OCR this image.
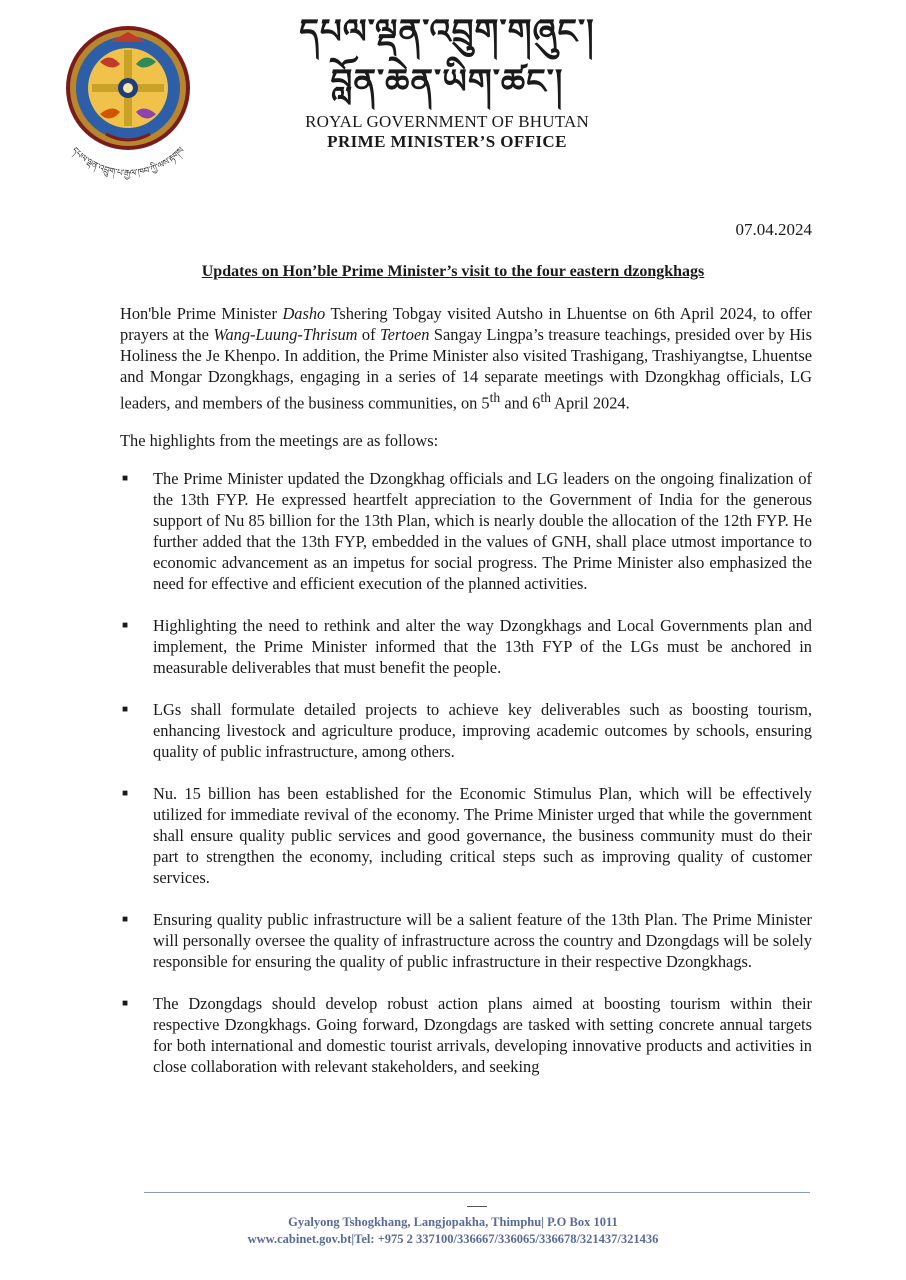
དཔལ་ལྡན་འབྲུག་པ་རྒྱལ་ཁབ་ཀྱི་ལས་རྟགས
དཔལ་ལྡན་འབྲུག་གཞུང་།
བློན་ཆེན་ཡིག་ཚང་།
ROYAL GOVERNMENT OF BHUTAN
PRIME MINISTER’S OFFICE
07.04.2024
Updates on Hon’ble Prime Minister’s visit to the four eastern dzongkhags

Hon'ble Prime Minister Dasho Tshering Tobgay visited Autsho in Lhuentse on 6th April 2024, to offer prayers at the Wang-Luung-Thrisum of Tertoen Sangay Lingpa’s treasure teachings, presided over by His Holiness the Je Khenpo. In addition, the Prime Minister also visited Trashigang, Trashiyangtse, Lhuentse and Mongar Dzongkhags, engaging in a series of 14 separate meetings with Dzongkhag officials, LG leaders, and members of the business communities, on 5th and 6th April 2024.

The highlights from the meetings are as follows:

■ The Prime Minister updated the Dzongkhag officials and LG leaders on the ongoing finalization of the 13th FYP. He expressed heartfelt appreciation to the Government of India for the generous support of Nu 85 billion for the 13th Plan, which is nearly double the allocation of the 12th FYP. He further added that the 13th FYP, embedded in the values of GNH, shall place utmost importance to economic advancement as an impetus for social progress. The Prime Minister also emphasized the need for effective and efficient execution of the planned activities.
■ Highlighting the need to rethink and alter the way Dzongkhags and Local Governments plan and implement, the Prime Minister informed that the 13th FYP of the LGs must be anchored in measurable deliverables that must benefit the people.
■ LGs shall formulate detailed projects to achieve key deliverables such as boosting tourism, enhancing livestock and agriculture produce, improving academic outcomes by schools, ensuring quality of public infrastructure, among others.
■ Nu. 15 billion has been established for the Economic Stimulus Plan, which will be effectively utilized for immediate revival of the economy. The Prime Minister urged that while the government shall ensure quality public services and good governance, the business community must do their part to strengthen the economy, including critical steps such as improving quality of customer services.
■ Ensuring quality public infrastructure will be a salient feature of the 13th Plan. The Prime Minister will personally oversee the quality of infrastructure across the country and Dzongdags will be solely responsible for ensuring the quality of public infrastructure in their respective Dzongkhags.
■ The Dzongdags should develop robust action plans aimed at boosting tourism within their respective Dzongkhags. Going forward, Dzongdags are tasked with setting concrete annual targets for both international and domestic tourist arrivals, developing innovative products and activities in close collaboration with relevant stakeholders, and seeking
Gyalyong Tshogkhang, Langjopakha, Thimphu| P.O Box 1011
www.cabinet.gov.bt|Tel: +975 2 337100/336667/336065/336678/321437/321436
